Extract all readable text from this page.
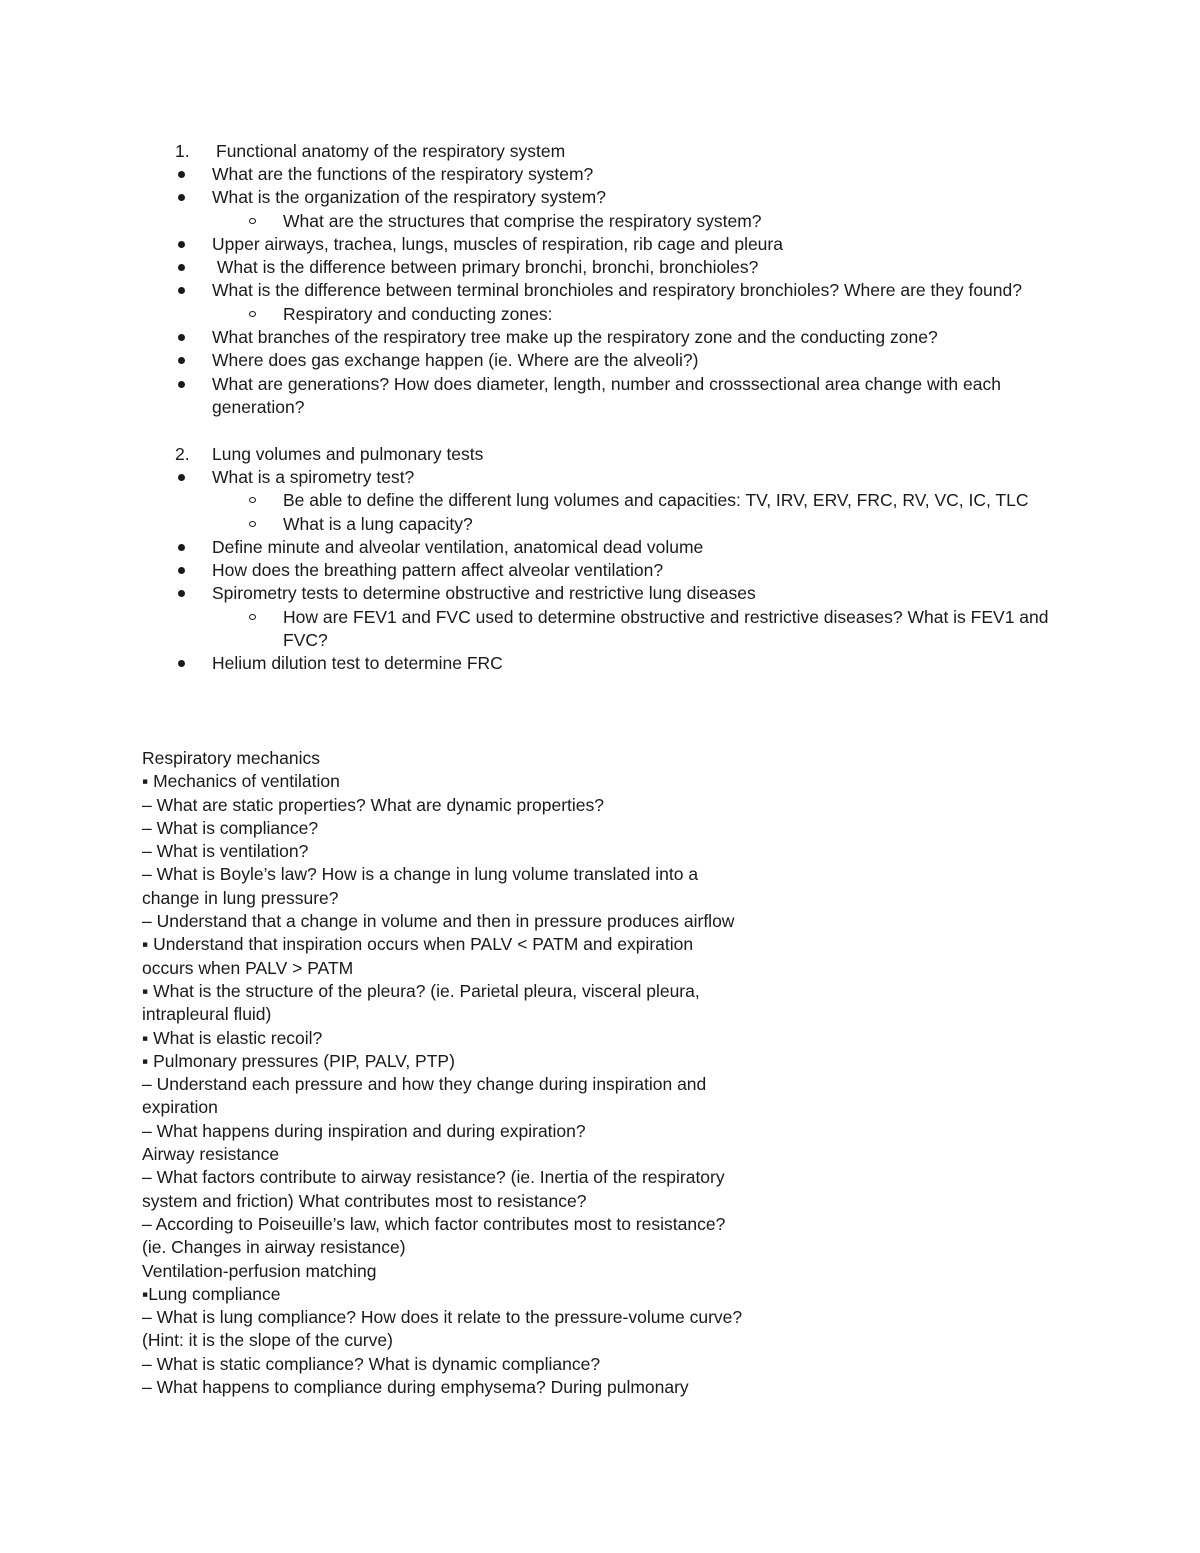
1. Functional anatomy of the respiratory system
What are the functions of the respiratory system?
What is the organization of the respiratory system?
What are the structures that comprise the respiratory system?
Upper airways, trachea, lungs, muscles of respiration, rib cage and pleura
What is the difference between primary bronchi, bronchi, bronchioles?
What is the difference between terminal bronchioles and respiratory bronchioles? Where are they found?
Respiratory and conducting zones:
What branches of the respiratory tree make up the respiratory zone and the conducting zone?
Where does gas exchange happen (ie. Where are the alveoli?)
What are generations? How does diameter, length, number and crosssectional area change with each generation?
2. Lung volumes and pulmonary tests
What is a spirometry test?
Be able to define the different lung volumes and capacities: TV, IRV, ERV, FRC, RV, VC, IC, TLC
What is a lung capacity?
Define minute and alveolar ventilation, anatomical dead volume
How does the breathing pattern affect alveolar ventilation?
Spirometry tests to determine obstructive and restrictive lung diseases
How are FEV1 and FVC used to determine obstructive and restrictive diseases? What is FEV1 and FVC?
Helium dilution test to determine FRC
Respiratory mechanics
▪ Mechanics of ventilation
– What are static properties? What are dynamic properties?
– What is compliance?
– What is ventilation?
– What is Boyle’s law? How is a change in lung volume translated into a
change in lung pressure?
– Understand that a change in volume and then in pressure produces airflow
▪ Understand that inspiration occurs when PALV < PATM and expiration
occurs when PALV > PATM
▪ What is the structure of the pleura? (ie. Parietal pleura, visceral pleura,
intrapleural fluid)
▪ What is elastic recoil?
▪ Pulmonary pressures (PIP, PALV, PTP)
– Understand each pressure and how they change during inspiration and
expiration
– What happens during inspiration and during expiration?
Airway resistance
– What factors contribute to airway resistance? (ie. Inertia of the respiratory
system and friction) What contributes most to resistance?
– According to Poiseuille’s law, which factor contributes most to resistance?
(ie. Changes in airway resistance)
Ventilation-perfusion matching
▪Lung compliance
– What is lung compliance? How does it relate to the pressure-volume curve?
(Hint: it is the slope of the curve)
– What is static compliance? What is dynamic compliance?
– What happens to compliance during emphysema? During pulmonary
